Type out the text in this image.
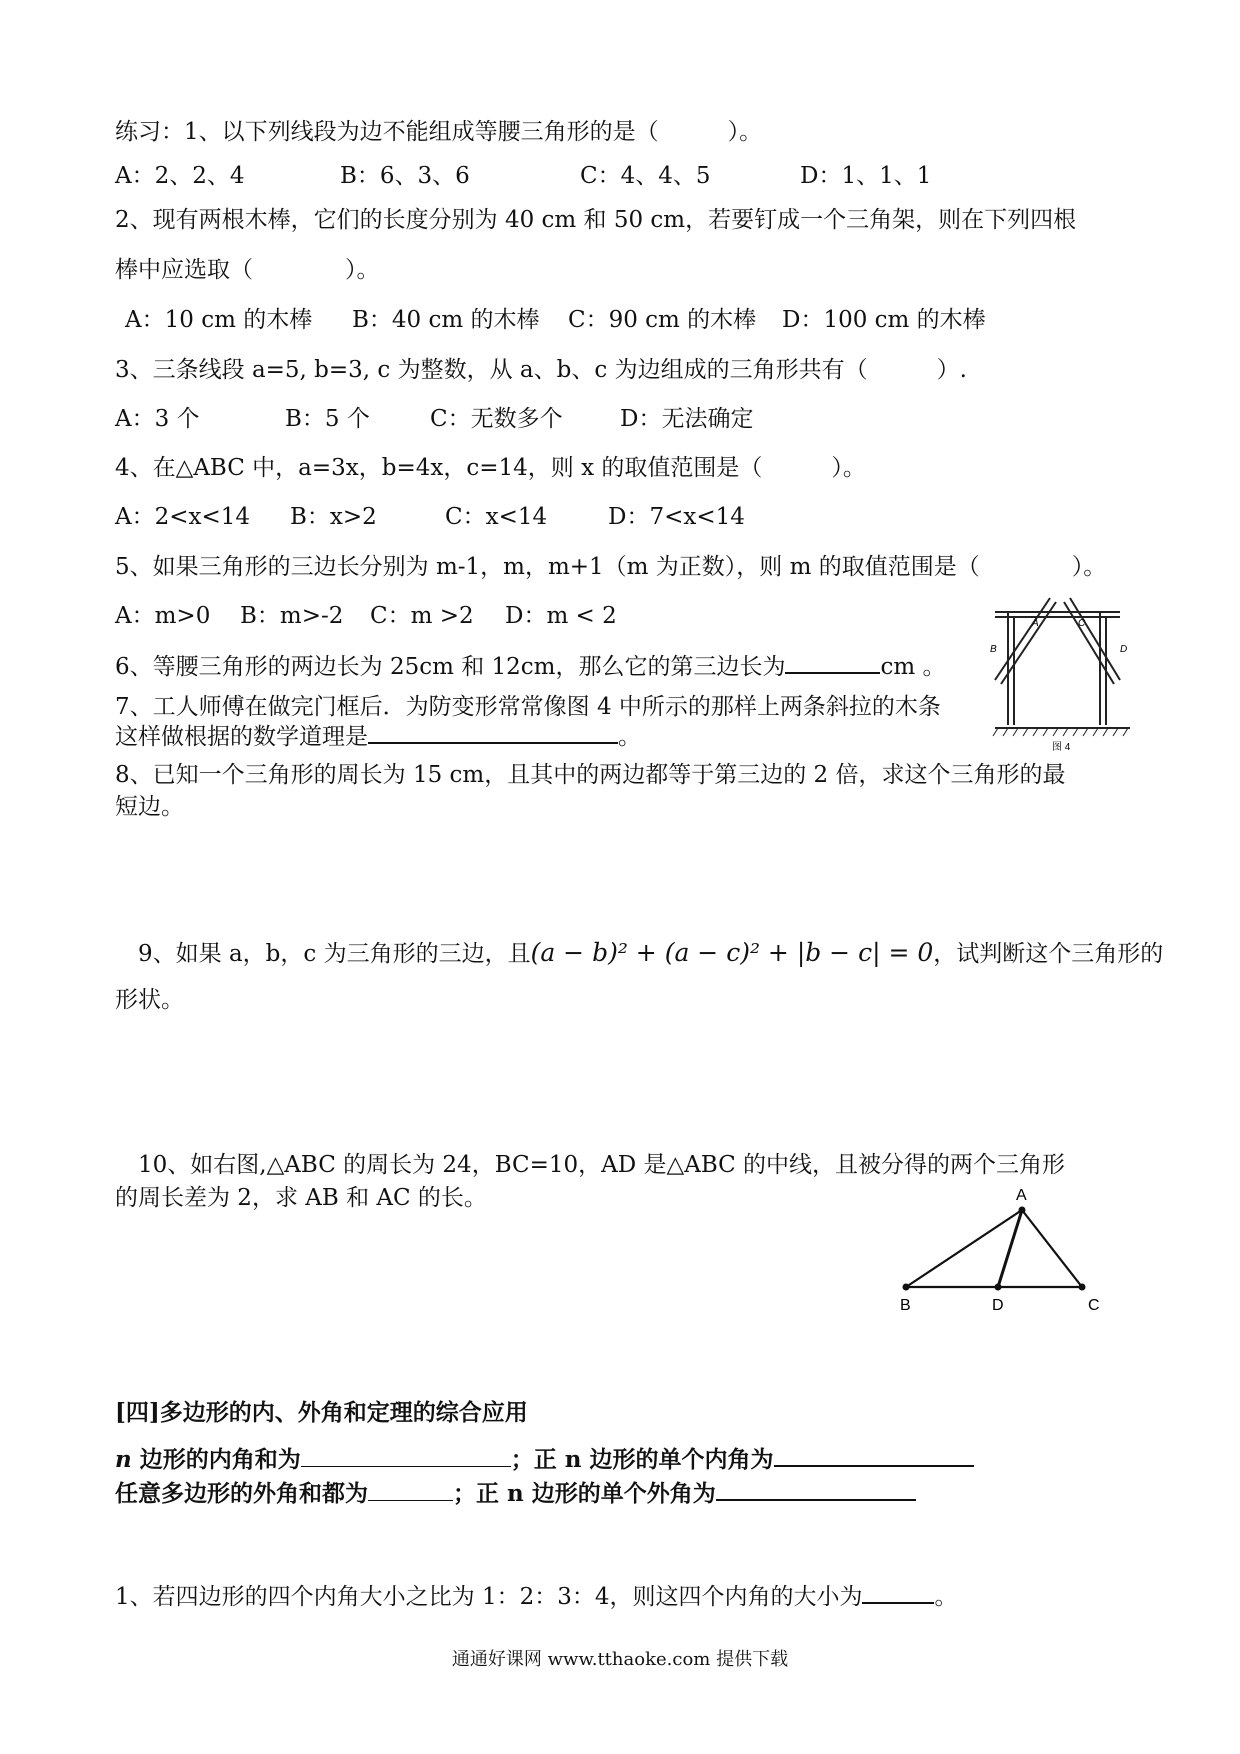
练习：1、以下列线段为边不能组成等腰三角形的是（　　　）。
A：2、2、4	B：6、3、6	C：4、4、5	D：1、1、1
2、现有两根木棒，它们的长度分别为 40 cm 和 50 cm，若要钉成一个三角架，则在下列四根
棒中应选取（　　　　）。
A：10 cm 的木棒 B：40 cm 的木棒 C：90 cm 的木棒 D：100 cm 的木棒
3、三条线段 a=5, b=3, c 为整数，从 a、b、c 为边组成的三角形共有（　　　）.
A：3 个	B：5 个	C：无数多个 D：无法确定
4、在△ABC 中，a=3x，b=4x，c=14，则 x 的取值范围是（　　　）。
A：2<x<14 B：x>2	C：x<14	D：7<x<14
5、如果三角形的三边长分别为 m-1，m，m+1（m 为正数），则 m 的取值范围是（　　　　）。
A：m>0 B：m>-2 C：m >2 D：m < 2
6、等腰三角形的两边长为 25cm 和 12cm，那么它的第三边长为	cm 。
7、工人师傅在做完门框后．为防变形常常像图 4 中所示的那样上两条斜拉的木条
这样做根据的数学道理是	。
A
B
C
D
图 4
8、已知一个三角形的周长为 15 cm，且其中的两边都等于第三边的 2 倍，求这个三角形的最
短边。
9、如果 a，b，c 为三角形的三边，且(a − b)² + (a − c)² + |b − c| = 0，试判断这个三角形的
形状。
10、如右图,△ABC 的周长为 24，BC=10，AD 是△ABC 的中线，且被分得的两个三角形
的周长差为 2，求 AB 和 AC 的长。	A
B	D	C
[四]多边形的内、外角和定理的综合应用
n 边形的内角和为	；正 n 边形的单个内角为
任意多边形的外角和都为	；正 n 边形的单个外角为
1、若四边形的四个内角大小之比为 1：2：3：4，则这四个内角的大小为	。
通通好课网 www.tthaoke.com 提供下载
